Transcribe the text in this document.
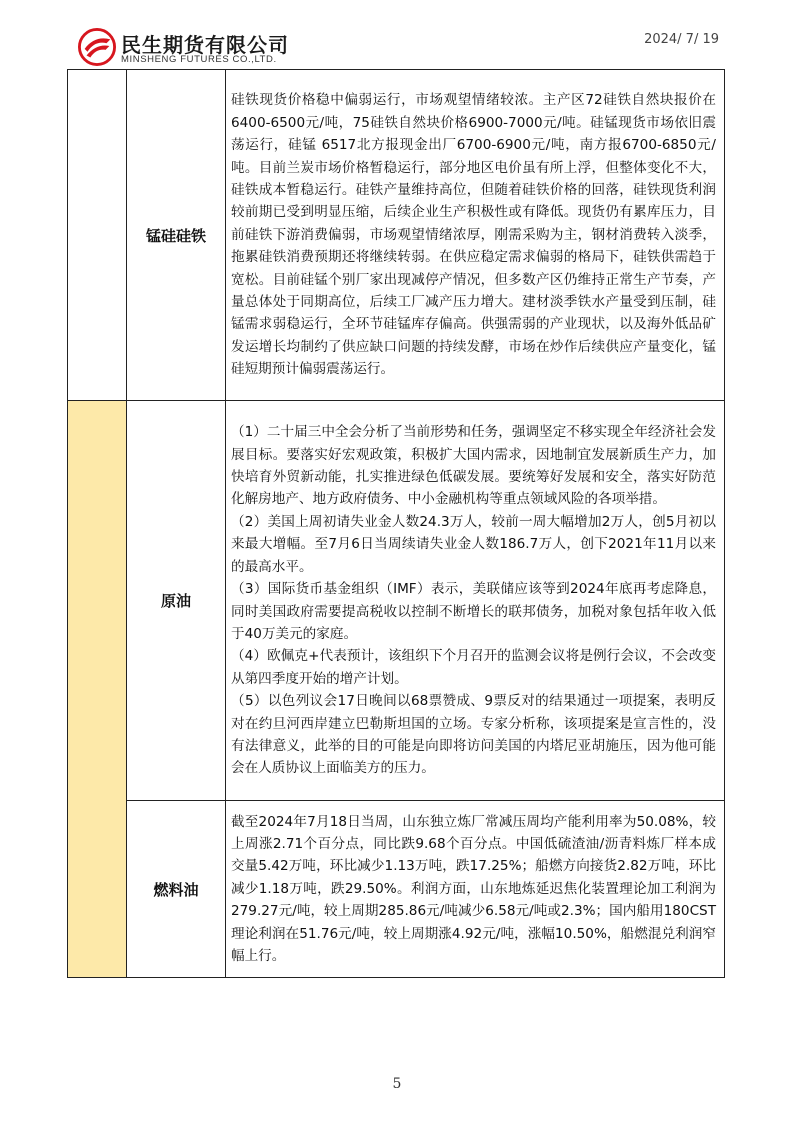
民生期货有限公司
MINSHENG FUTURES CO.,LTD.
2024/ 7/ 19
	锰硅硅铁	硅铁现货价格稳中偏弱运行，市场观望情绪较浓。主产区72硅铁自然块报价在6400-6500元/吨，75硅铁自然块价格6900-7000元/吨。硅锰现货市场依旧震荡运行，硅锰 6517北方报现金出厂6700-6900元/吨，南方报6700-6850元/吨。目前兰炭市场价格暂稳运行，部分地区电价虽有所上浮，但整体变化不大，硅铁成本暂稳运行。硅铁产量维持高位，但随着硅铁价格的回落，硅铁现货利润较前期已受到明显压缩，后续企业生产积极性或有降低。现货仍有累库压力，目前硅铁下游消费偏弱，市场观望情绪浓厚，刚需采购为主，钢材消费转入淡季，拖累硅铁消费预期还将继续转弱。在供应稳定需求偏弱的格局下，硅铁供需趋于宽松。目前硅锰个别厂家出现减停产情况，但多数产区仍维持正常生产节奏，产量总体处于同期高位，后续工厂减产压力增大。建材淡季铁水产量受到压制，硅锰需求弱稳运行，全环节硅锰库存偏高。供强需弱的产业现状，以及海外低品矿发运增长均制约了供应缺口问题的持续发酵，市场在炒作后续供应产量变化，锰硅短期预计偏弱震荡运行。

	原油	（1）二十届三中全会分析了当前形势和任务，强调坚定不移实现全年经济社会发展目标。要落实好宏观政策，积极扩大国内需求，因地制宜发展新质生产力，加快培育外贸新动能，扎实推进绿色低碳发展。要统筹好发展和安全，落实好防范化解房地产、地方政府债务、中小金融机构等重点领域风险的各项举措。

（2）美国上周初请失业金人数24.3万人，较前一周大幅增加2万人，创5月初以来最大增幅。至7月6日当周续请失业金人数186.7万人，创下2021年11月以来的最高水平。

（3）国际货币基金组织（IMF）表示，美联储应该等到2024年底再考虑降息，同时美国政府需要提高税收以控制不断增长的联邦债务，加税对象包括年收入低于40万美元的家庭。

（4）欧佩克+代表预计，该组织下个月召开的监测会议将是例行会议，不会改变从第四季度开始的增产计划。

（5）以色列议会17日晚间以68票赞成、9票反对的结果通过一项提案，表明反对在约旦河西岸建立巴勒斯坦国的立场。专家分析称，该项提案是宣言性的，没有法律意义，此举的目的可能是向即将访问美国的内塔尼亚胡施压，因为他可能会在人质协议上面临美方的压力。

	燃料油	截至2024年7月18日当周，山东独立炼厂常减压周均产能利用率为50.08%，较上周涨2.71个百分点，同比跌9.68个百分点。中国低硫渣油/沥青料炼厂样本成交量5.42万吨，环比减少1.13万吨，跌17.25%；船燃方向接货2.82万吨，环比减少1.18万吨，跌29.50%。利润方面，山东地炼延迟焦化装置理论加工利润为279.27元/吨，较上周期285.86元/吨减少6.58元/吨或2.3%；国内船用180CST理论利润在51.76元/吨，较上周期涨4.92元/吨，涨幅10.50%，船燃混兑利润窄幅上行。

5
